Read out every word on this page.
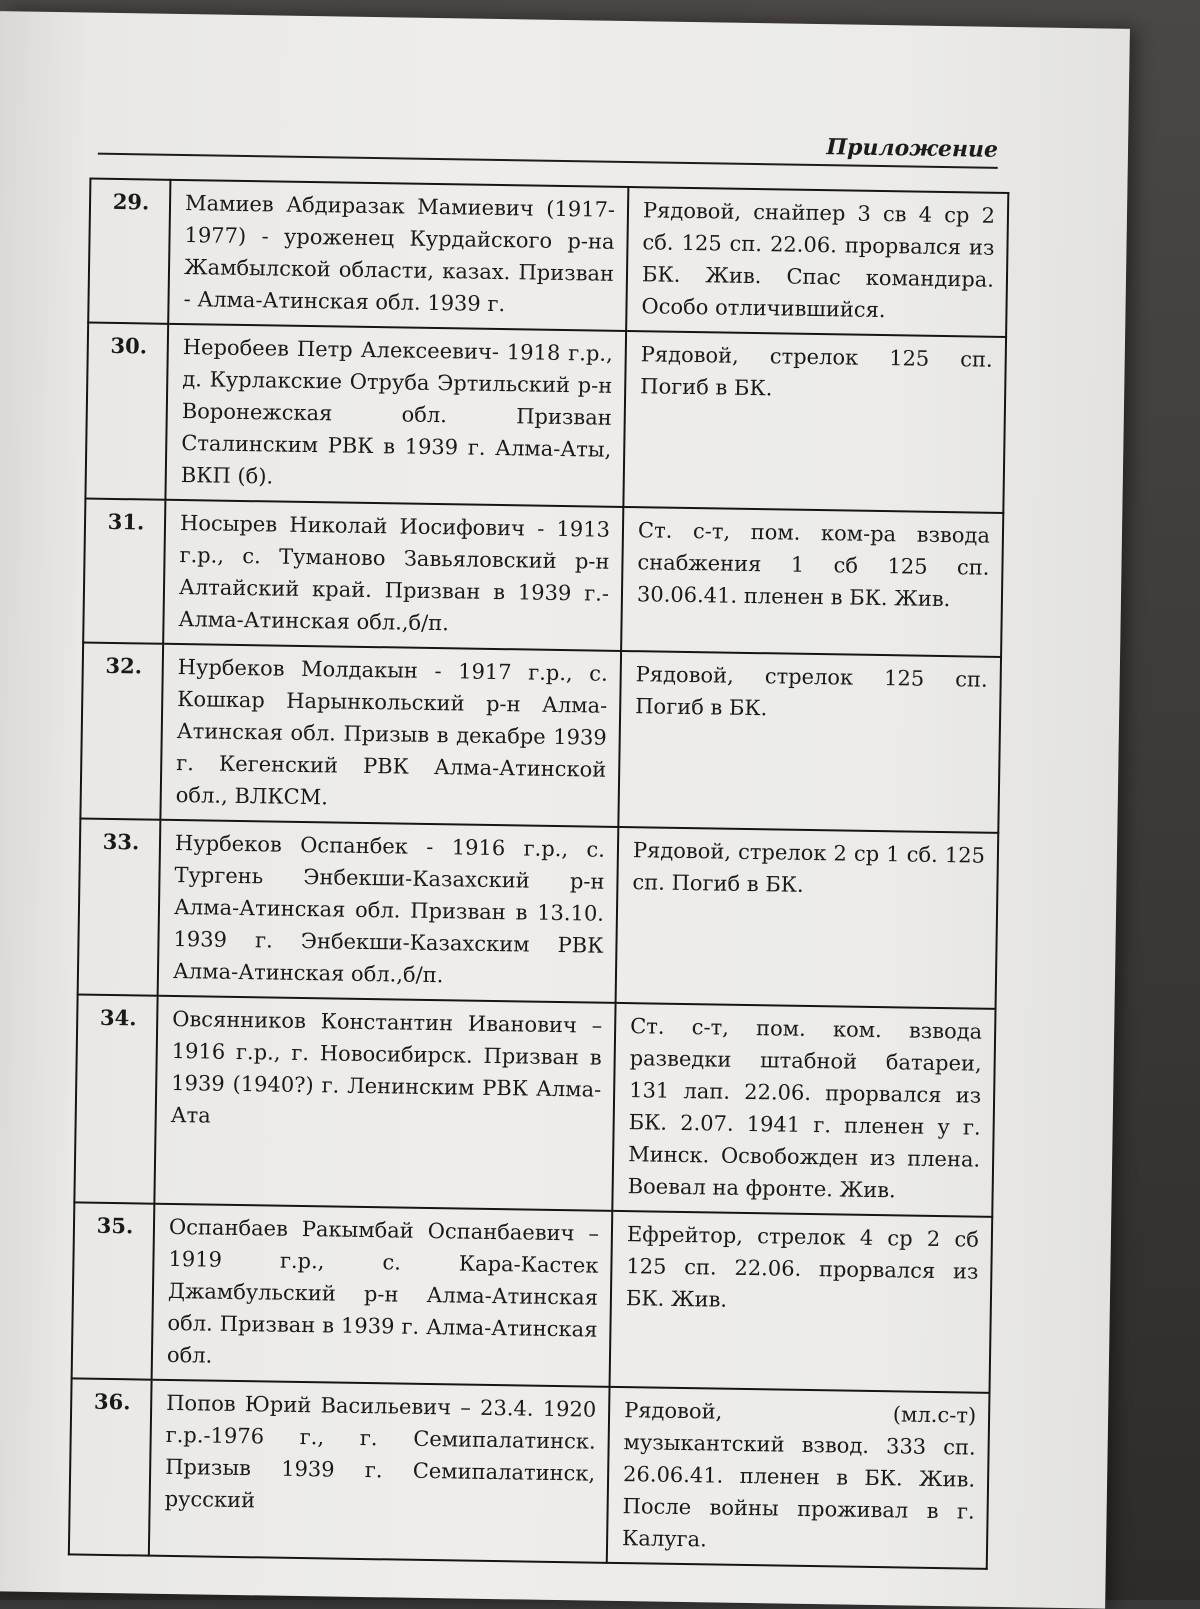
Приложение
29.	Мамиев Абдиразак Мамиевич (1917-1977) - уроженец Курдайского р-на Жамбылской области, казах. Призван - Алма-Атинская обл. 1939 г.	Рядовой, снайпер 3 св 4 ср 2 сб. 125 сп. 22.06. прорвался из БК. Жив. Спас командира. Особо отличившийся.
30.	Неробеев Петр Алексеевич- 1918 г.р., д. Курлакские Отруба Эртильский р-н Воронежская обл. Призван Сталинским РВК в 1939 г. Алма-Аты, ВКП (б).	Рядовой, стрелок 125 сп. Погиб в БК.
31.	Носырев Николай Иосифович - 1913 г.р., с. Туманово Завьяловский р-н Алтайский край. Призван в 1939 г.- Алма-Атинская обл.,б/п.	Ст. с-т, пом. ком-ра взвода снабжения 1 сб 125 сп. 30.06.41. пленен в БК. Жив.
32.	Нурбеков Молдакын - 1917 г.р., с. Кошкар Нарынкольский р-н Алма-Атинская обл. Призыв в декабре 1939 г. Кегенский РВК Алма-Атинской обл., ВЛКСМ.	Рядовой, стрелок 125 сп. Погиб в БК.
33.	Нурбеков Оспанбек - 1916 г.р., с. Тургень Энбекши-Казахский р-н Алма-Атинская обл. Призван в 13.10. 1939 г. Энбекши-Казахским РВК Алма-Атинская обл.,б/п.	Рядовой, стрелок 2 ср 1 сб. 125 сп. Погиб в БК.
34.	Овсянников Константин Иванович – 1916 г.р., г. Новосибирск. Призван в 1939 (1940?) г. Ленинским РВК Алма-Ата	Ст. с-т, пом. ком. взвода разведки штабной батареи, 131 лап. 22.06. прорвался из БК. 2.07. 1941 г. пленен у г. Минск. Освобожден из плена. Воевал на фронте. Жив.
35.	Оспанбаев Ракымбай Оспанбаевич – 1919 г.р., с. Кара-Кастек Джамбульский р-н Алма-Атинская обл. Призван в 1939 г. Алма-Атинская обл.	Ефрейтор, стрелок 4 ср 2 сб 125 сп. 22.06. прорвался из БК. Жив.
36.	Попов Юрий Васильевич – 23.4. 1920 г.р.-1976 г., г. Семипалатинск. Призыв 1939 г. Семипалатинск, русский	Рядовой, (мл.с-т) музыкантский взвод. 333 сп. 26.06.41. пленен в БК. Жив. После войны проживал в г. Калуга.
